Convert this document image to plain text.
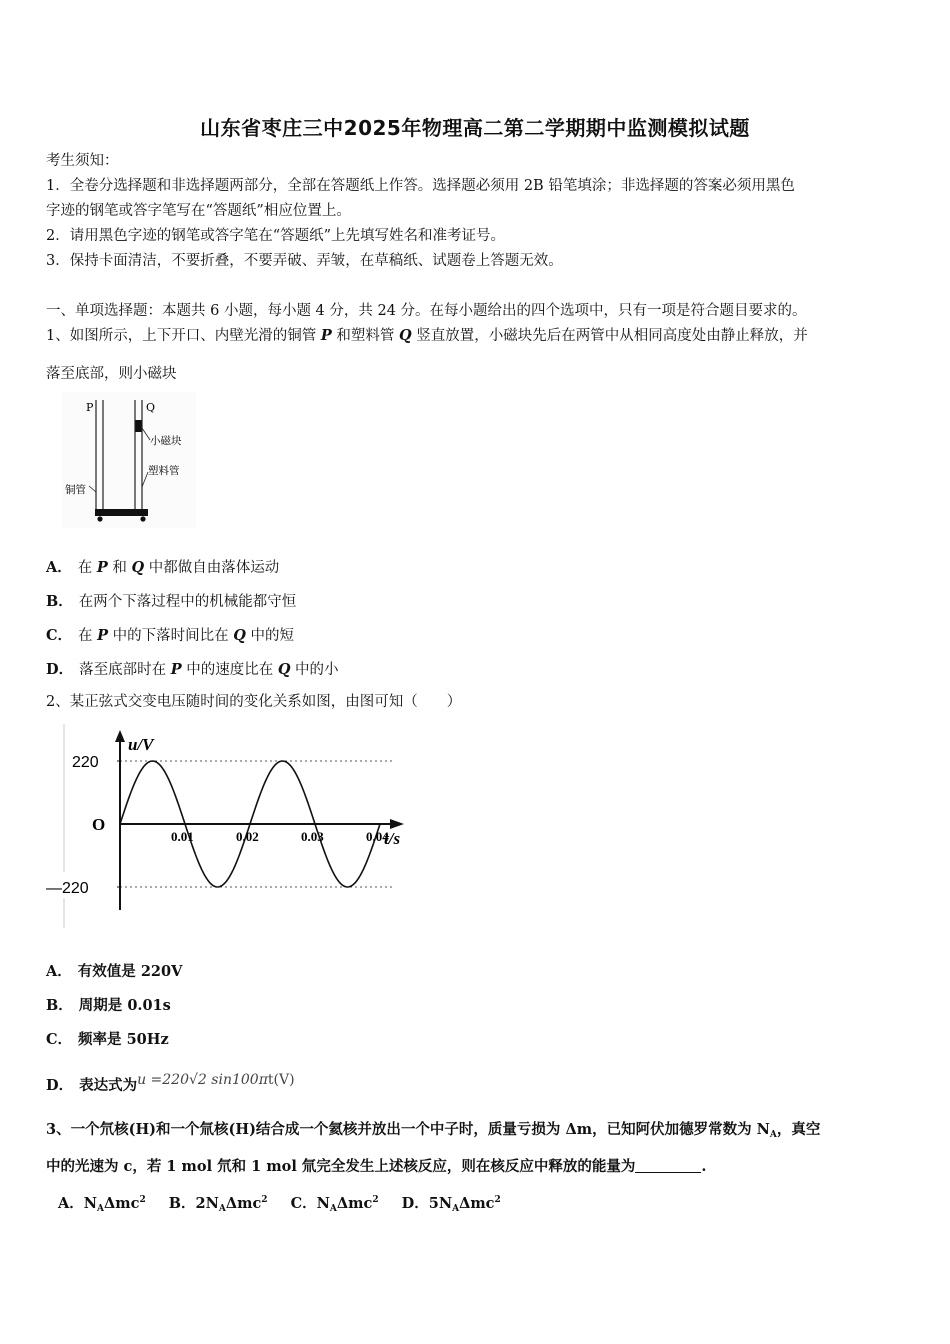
山东省枣庄三中2025年物理高二第二学期期中监测模拟试题
考生须知：
1．全卷分选择题和非选择题两部分，全部在答题纸上作答。选择题必须用 2B 铅笔填涂；非选择题的答案必须用黑色
字迹的钢笔或答字笔写在“答题纸”相应位置上。
2．请用黑色字迹的钢笔或答字笔在“答题纸”上先填写姓名和准考证号。
3．保持卡面清洁，不要折叠，不要弄破、弄皱，在草稿纸、试题卷上答题无效。
一、单项选择题：本题共 6 小题，每小题 4 分，共 24 分。在每小题给出的四个选项中，只有一项是符合题目要求的。
1、如图所示，上下开口、内壁光滑的铜管 P 和塑料管 Q 竖直放置，小磁块先后在两管中从相同高度处由静止释放，并
落至底部，则小磁块
P	Q
小磁块
塑料管
铜管
A． 在 P 和 Q 中都做自由落体运动
B． 在两个下落过程中的机械能都守恒
C． 在 P 中的下落时间比在 Q 中的短
D． 落至底部时在 P 中的速度比在 Q 中的小
2、某正弦式交变电压随时间的变化关系如图，由图可知（　　）
220
—220
O
u/V
t/s
0.01	0.02	0.03	0.04
A． 有效值是 220V
B． 周期是 0.01s
C． 频率是 50Hz
D． 表达式为u =220√2 sin100πt(V)
3、一个氘核(H)和一个氚核(H)结合成一个氦核并放出一个中子时，质量亏损为 Δm，已知阿伏加德罗常数为 $N_A$，真空
中的光速为 c，若 1 mol 氘和 1 mol 氚完全发生上述核反应，则在核反应中释放的能量为	.
A．$N_A\Delta mc^2$ B．$2N_A\Delta mc^2$ C．$N_A\Delta mc^2$ D．$5N_A\Delta mc^2$
